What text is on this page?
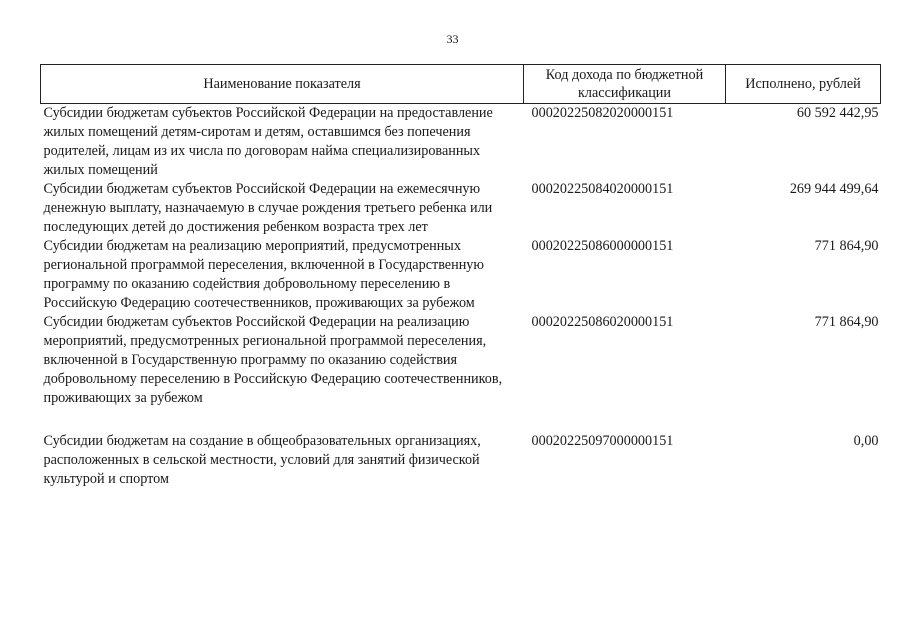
33
Наименование показателя	Код дохода по бюджетной классификации	Исполнено, рублей
Субсидии бюджетам субъектов Российской Федерации на предоставление жилых помещений детям-сиротам и детям, оставшимся без попечения родителей, лицам из их числа по договорам найма специализированных жилых помещений	00020225082020000151	60 592 442,95
Субсидии бюджетам субъектов Российской Федерации на ежемесячную денежную выплату, назначаемую в случае рождения третьего ребенка или последующих детей до достижения ребенком возраста трех лет	00020225084020000151	269 944 499,64
Субсидии бюджетам на реализацию мероприятий, предусмотренных региональной программой переселения, включенной в Государственную программу по оказанию содействия добровольному переселению в Российскую Федерацию соотечественников, проживающих за рубежом	00020225086000000151	771 864,90
Субсидии бюджетам субъектов Российской Федерации на реализацию мероприятий, предусмотренных региональной программой переселения, включенной в Государственную программу по оказанию содействия добровольному переселению в Российскую Федерацию соотечественников, проживающих за рубежом	00020225086020000151	771 864,90

Субсидии бюджетам на создание в общеобразовательных организациях, расположенных в сельской местности, условий для занятий физической культурой и спортом	00020225097000000151	0,00
